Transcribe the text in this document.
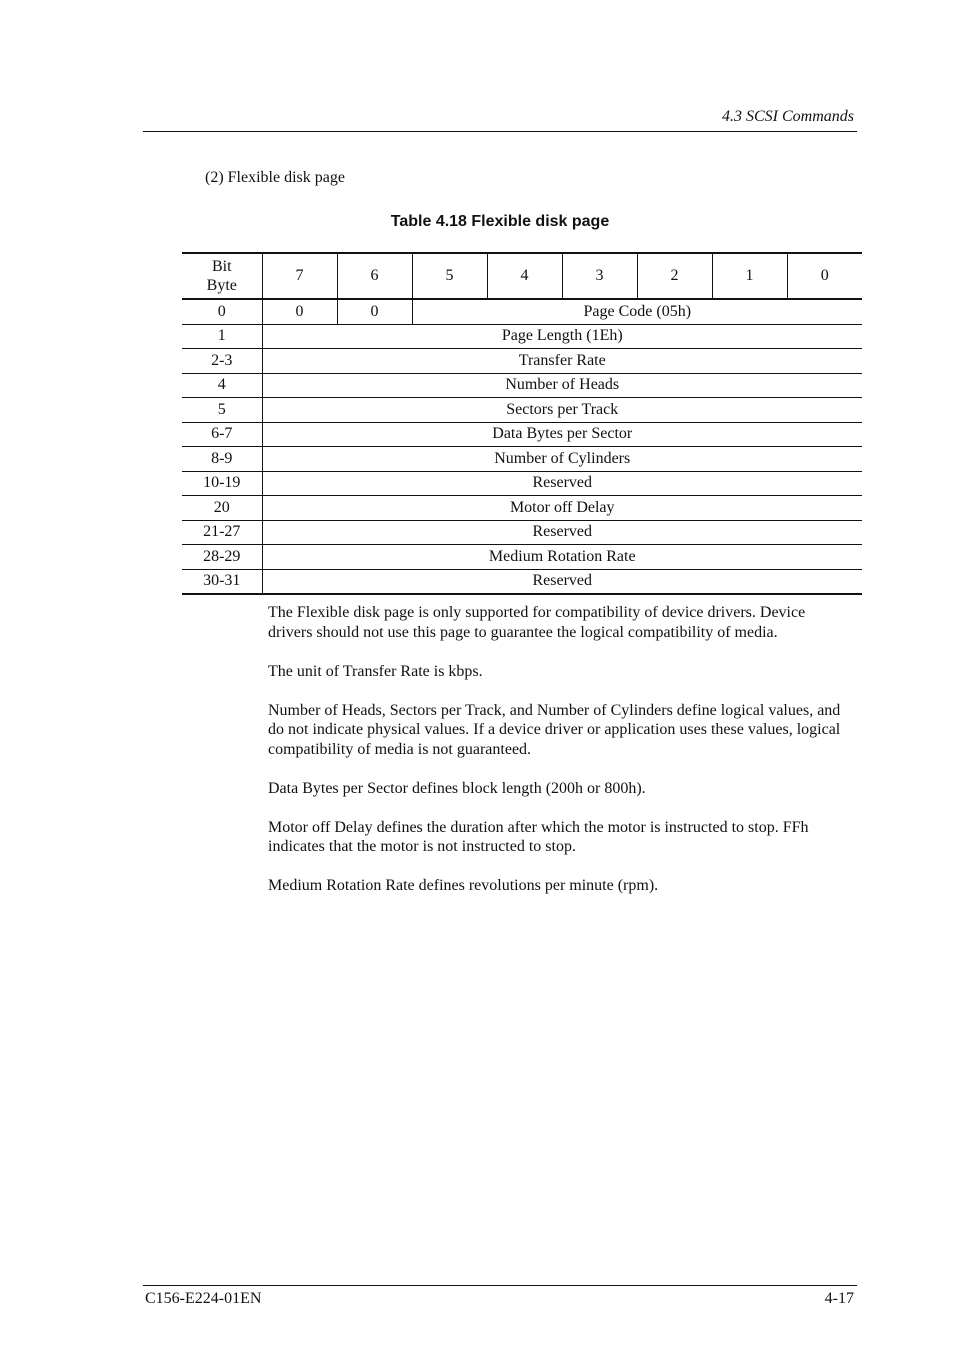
4.3 SCSI Commands
(2) Flexible disk page
Table 4.18 Flexible disk page
Bit
Byte	7	6	5	4	3	2	1	0
0	0	0	Page Code (05h)					
1	Page Length (1Eh)							
2-3	Transfer Rate							
4	Number of Heads							
5	Sectors per Track							
6-7	Data Bytes per Sector							
8-9	Number of Cylinders							
10-19	Reserved							
20	Motor off Delay							
21-27	Reserved							
28-29	Medium Rotation Rate							
30-31	Reserved							

The Flexible disk page is only supported for compatibility of device drivers. Device drivers should not use this page to guarantee the logical compatibility of media.

The unit of Transfer Rate is kbps.

Number of Heads, Sectors per Track, and Number of Cylinders define logical values, and do not indicate physical values. If a device driver or application uses these values, logical compatibility of media is not guaranteed.

Data Bytes per Sector defines block length (200h or 800h).

Motor off Delay defines the duration after which the motor is instructed to stop. FFh indicates that the motor is not instructed to stop.

Medium Rotation Rate defines revolutions per minute (rpm).

C156-E224-01EN	4-17
